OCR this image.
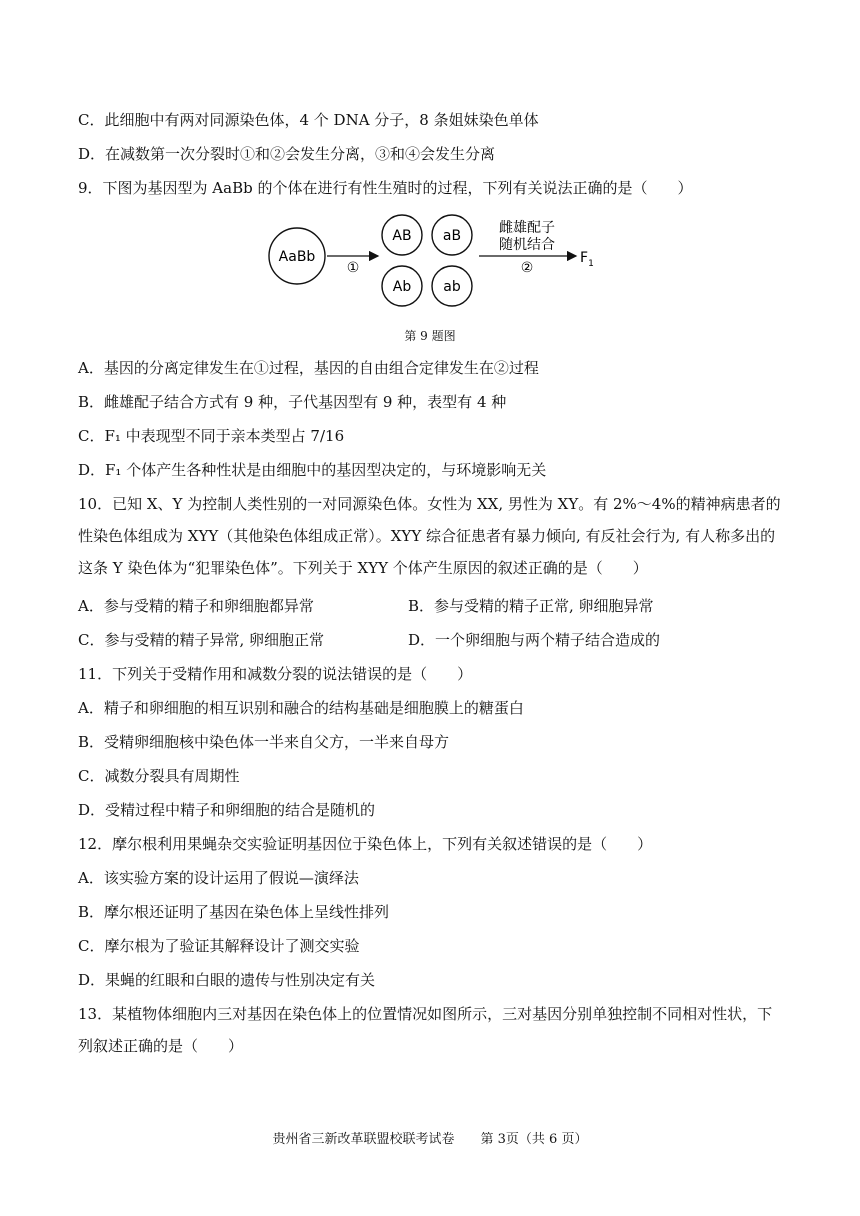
C．此细胞中有两对同源染色体，4 个 DNA 分子，8 条姐妹染色单体
D．在减数第一次分裂时①和②会发生分离，③和④会发生分离
9．下图为基因型为 AaBb 的个体在进行有性生殖时的过程，下列有关说法正确的是（　　）
AaBb
①
AB aB
Ab ab
雌雄配子
随机结合
②
$F_1$
第 9 题图
A．基因的分离定律发生在①过程，基因的自由组合定律发生在②过程
B．雌雄配子结合方式有 9 种，子代基因型有 9 种，表型有 4 种
C．F₁ 中表现型不同于亲本类型占 7/16
D．F₁ 个体产生各种性状是由细胞中的基因型决定的，与环境影响无关
10．已知 X、Y 为控制人类性别的一对同源染色体。女性为 XX, 男性为 XY。有 2%～4%的精神病患者的性染色体组成为 XYY（其他染色体组成正常）。XYY 综合征患者有暴力倾向, 有反社会行为, 有人称多出的这条 Y 染色体为“犯罪染色体”。下列关于 XYY 个体产生原因的叙述正确的是（　　）
A．参与受精的精子和卵细胞都异常	B．参与受精的精子正常, 卵细胞异常
C．参与受精的精子异常, 卵细胞正常	D．一个卵细胞与两个精子结合造成的
11．下列关于受精作用和减数分裂的说法错误的是（　　）
A．精子和卵细胞的相互识别和融合的结构基础是细胞膜上的糖蛋白
B．受精卵细胞核中染色体一半来自父方，一半来自母方
C．减数分裂具有周期性
D．受精过程中精子和卵细胞的结合是随机的
12．摩尔根利用果蝇杂交实验证明基因位于染色体上，下列有关叙述错误的是（　　）
A．该实验方案的设计运用了假说—演绎法
B．摩尔根还证明了基因在染色体上呈线性排列
C．摩尔根为了验证其解释设计了测交实验
D．果蝇的红眼和白眼的遗传与性别决定有关
13．某植物体细胞内三对基因在染色体上的位置情况如图所示，三对基因分别单独控制不同相对性状，下列叙述正确的是（　　）
贵州省三新改革联盟校联考试卷　　第 3页（共 6 页）
